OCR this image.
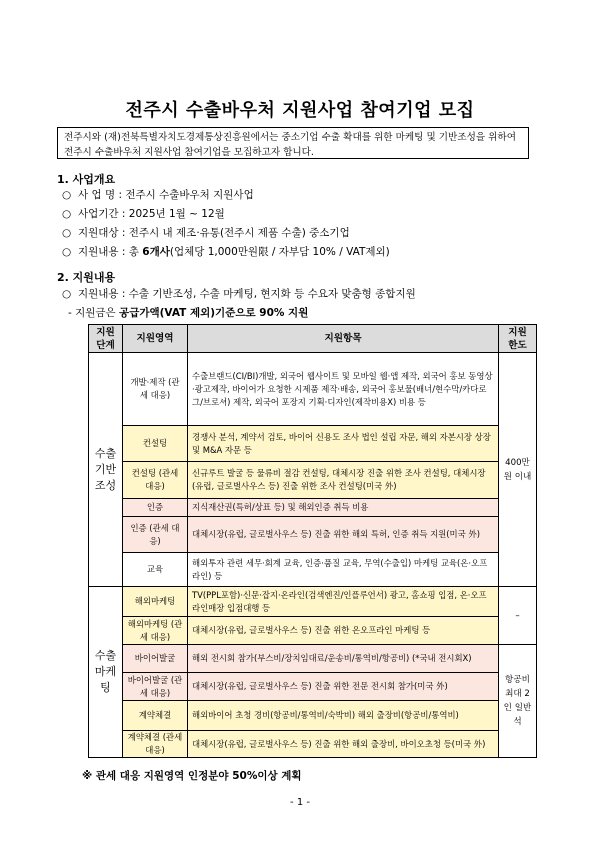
전주시 수출바우처 지원사업 참여기업 모집
전주시와 (재)전북특별자치도경제통상진흥원에서는 중소기업 수출 확대를 위한 마케팅 및 기반조성을 위하여 전주시 수출바우처 지원사업 참여기업을 모집하고자 합니다.
1. 사업개요
○ 사 업 명 : 전주시 수출바우처 지원사업
○ 사업기간 : 2025년 1월 ~ 12월
○ 지원대상 : 전주시 내 제조·유통(전주시 제품 수출) 중소기업
○ 지원내용 : 총 6개사(업체당 1,000만원限 / 자부담 10% / VAT제외)
2. 지원내용
○ 지원내용 : 수출 기반조성, 수출 마케팅, 현지화 등 수요자 맞춤형 종합지원
- 지원금은 공급가액(VAT 제외)기준으로 90% 지원
지원 단계	지원영역	지원항목	지원 한도
수출 기반 조성	개발·제작 (관세 대응)	수출브랜드(CI/BI)개발, 외국어 웹사이트 및 모바일 웹·앱 제작, 외국어 홍보 동영상·광고제작, 바이어가 요청한 시제품 제작·배송, 외국어 홍보물(배너/현수막/카다로그/브로셔) 제작, 외국어 포장지 기획·디자인(제작비용X) 비용 등	400만원 이내
	컨설팅	경쟁사 분석, 계약서 검토, 바이어 신용도 조사 법인 설립 자문, 해외 자본시장 상장 및 M&A 자문 등	
	컨설팅 (관세 대응)	신규루트 발굴 등 물류비 절감 컨설팅, 대체시장 진출 위한 조사 컨설팅, 대체시장(유럽, 글로벌사우스 등) 진출 위한 조사 컨설팅(미국 外)	
	인증	지식재산권(특허/상표 등) 및 해외인증 취득 비용	
	인증 (관세 대응)	대체시장(유럽, 글로벌사우스 등) 진출 위한 해외 특허, 인증 취득 지원(미국 外)	
	교육	해외투자 관련 세무·회계 교육, 인증·품질 교육, 무역(수출입) 마케팅 교육(온·오프라인) 등	
수출 마케팅	해외마케팅	TV(PPL포함)·신문·잡지·온라인(검색엔진/인플루언서) 광고, 홈쇼핑 입점, 온·오프라인매장 입점대행 등	–
	해외마케팅 (관세 대응)	대체시장(유럽, 글로벌사우스 등) 진출 위한 온오프라인 마케팅 등	
	바이어발굴	해외 전시회 참가(부스비/장치임대료/운송비/통역비/항공비) (*국내 전시회X)	항공비 최대 2인 일반석
	바이어발굴 (관세 대응)	대체시장(유럽, 글로벌사우스 등) 진출 위한 전문 전시회 참가(미국 外)	
	계약체결	해외바이어 초청 경비(항공비/통역비/숙박비) 해외 출장비(항공비/통역비)	
	계약체결 (관세 대응)	대체시장(유럽, 글로벌사우스 등) 진출 위한 해외 출장비, 바이오초청 등(미국 外)	
※ 관세 대응 지원영역 인정분야 50%이상 계획
- 1 -
